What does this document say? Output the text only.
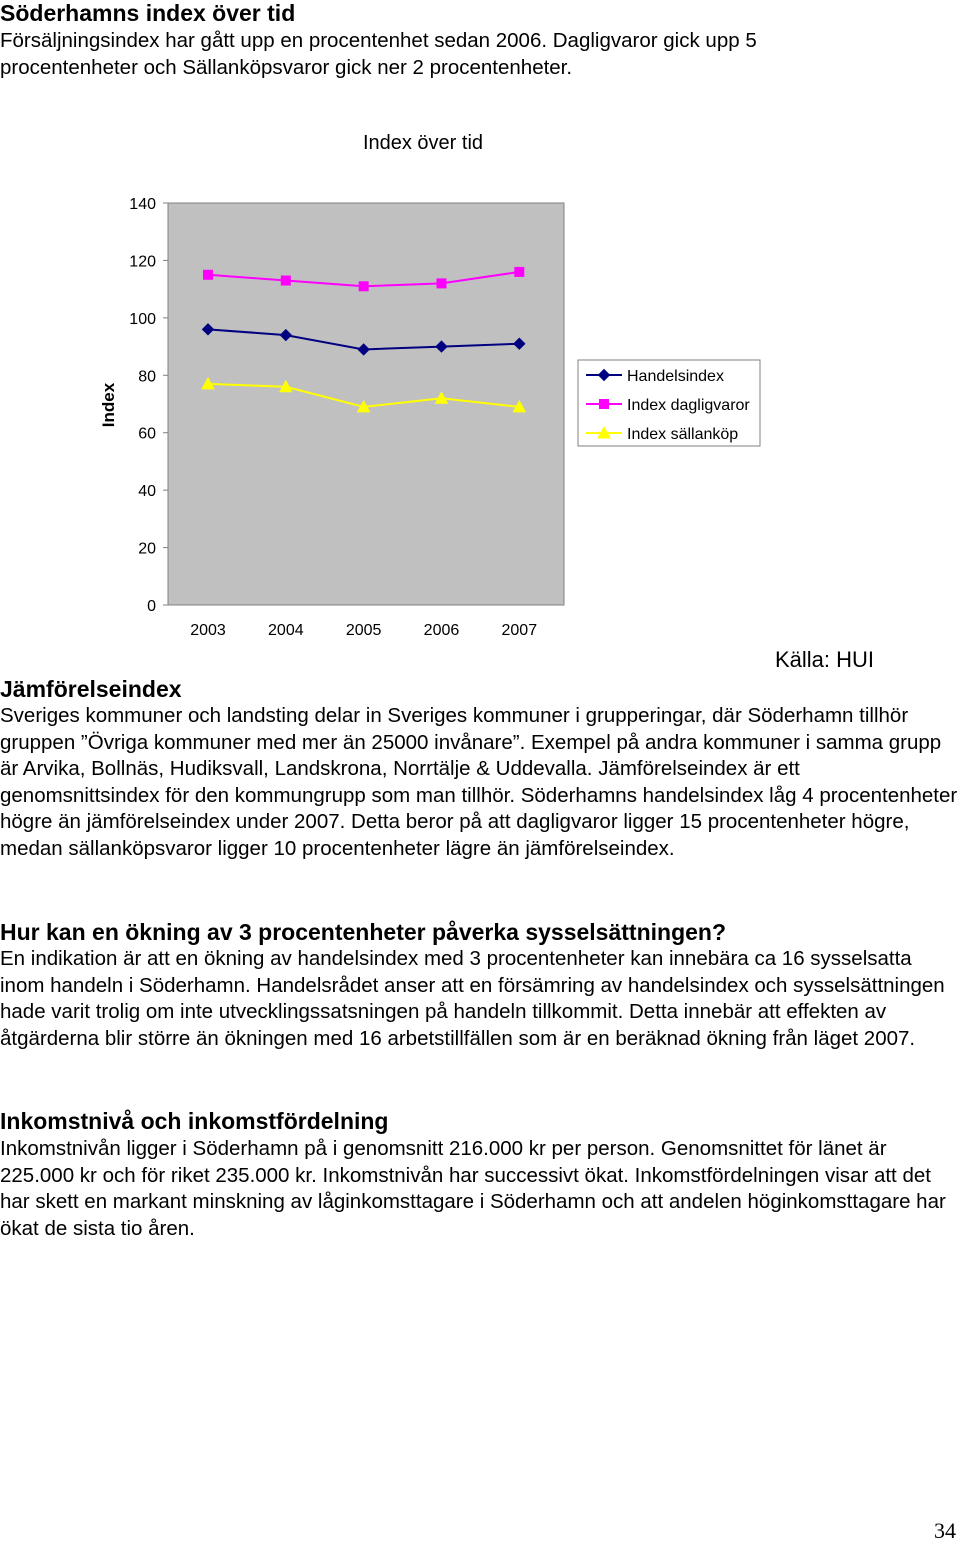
Söderhamns index över tid
Försäljningsindex har gått upp en procentenhet sedan 2006. Dagligvaror gick upp 5 procentenheter och Sällanköpsvaror gick ner 2 procentenheter.
Index över tid
Index
0
20
40
60
80
100
120
140
2003	2004	2005	2006	2007
Handelsindex
Index dagligvaror
Index sällanköp
Källa: HUI
Jämförelseindex
Sveriges kommuner och landsting delar in Sveriges kommuner i grupperingar, där Söderhamn tillhör gruppen ”Övriga kommuner med mer än 25000 invånare”. Exempel på andra kommuner i samma grupp är Arvika, Bollnäs, Hudiksvall, Landskrona, Norrtälje & Uddevalla. Jämförelseindex är ett genomsnittsindex för den kommungrupp som man tillhör. Söderhamns handelsindex låg 4 procentenheter högre än jämförelseindex under 2007. Detta beror på att dagligvaror ligger 15 procentenheter högre, medan sällanköpsvaror ligger 10 procentenheter lägre än jämförelseindex.
Hur kan en ökning av 3 procentenheter påverka sysselsättningen?
En indikation är att en ökning av handelsindex med 3 procentenheter kan innebära ca 16 sysselsatta inom handeln i Söderhamn. Handelsrådet anser att en försämring av handelsindex och sysselsättningen hade varit trolig om inte utvecklingssatsningen på handeln tillkommit. Detta innebär att effekten av åtgärderna blir större än ökningen med 16 arbetstillfällen som är en beräknad ökning från läget 2007.
Inkomstnivå och inkomstfördelning
Inkomstnivån ligger i Söderhamn på i genomsnitt 216.000 kr per person. Genomsnittet för länet är 225.000 kr och för riket 235.000 kr. Inkomstnivån har successivt ökat. Inkomstfördelningen visar att det har skett en markant minskning av låginkomsttagare i Söderhamn och att andelen höginkomsttagare har ökat de sista tio åren.
34
